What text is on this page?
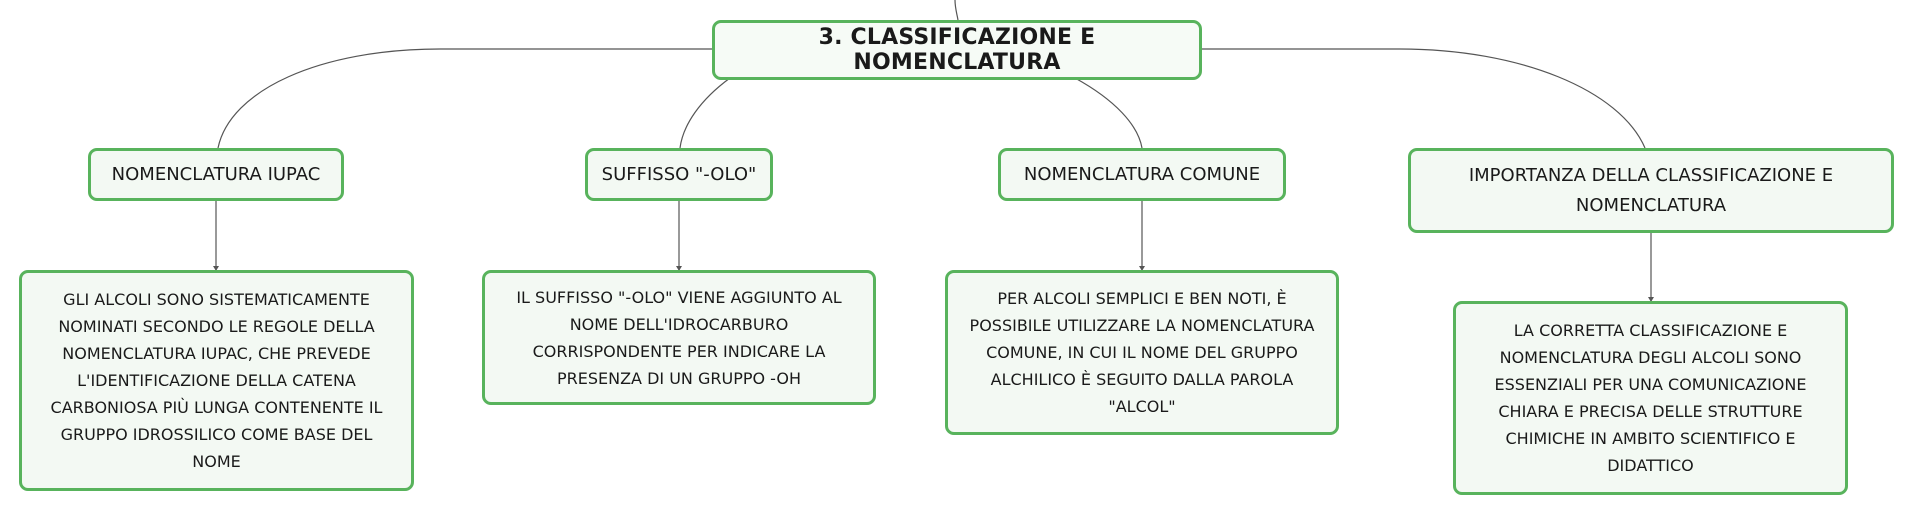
3. CLASSIFICAZIONE E NOMENCLATURA
NOMENCLATURA IUPAC	SUFFISSO "-OLO"	NOMENCLATURA COMUNE	IMPORTANZA DELLA CLASSIFICAZIONE E NOMENCLATURA
GLI ALCOLI SONO SISTEMATICAMENTE NOMINATI SECONDO LE REGOLE DELLA NOMENCLATURA IUPAC, CHE PREVEDE L'IDENTIFICAZIONE DELLA CATENA CARBONIOSA PIÙ LUNGA CONTENENTE IL GRUPPO IDROSSILICO COME BASE DEL NOME
IL SUFFISSO "-OLO" VIENE AGGIUNTO AL NOME DELL'IDROCARBURO CORRISPONDENTE PER INDICARE LA PRESENZA DI UN GRUPPO -OH
PER ALCOLI SEMPLICI E BEN NOTI, È POSSIBILE UTILIZZARE LA NOMENCLATURA COMUNE, IN CUI IL NOME DEL GRUPPO ALCHILICO È SEGUITO DALLA PAROLA "ALCOL"
LA CORRETTA CLASSIFICAZIONE E NOMENCLATURA DEGLI ALCOLI SONO ESSENZIALI PER UNA COMUNICAZIONE CHIARA E PRECISA DELLE STRUTTURE CHIMICHE IN AMBITO SCIENTIFICO E DIDATTICO
